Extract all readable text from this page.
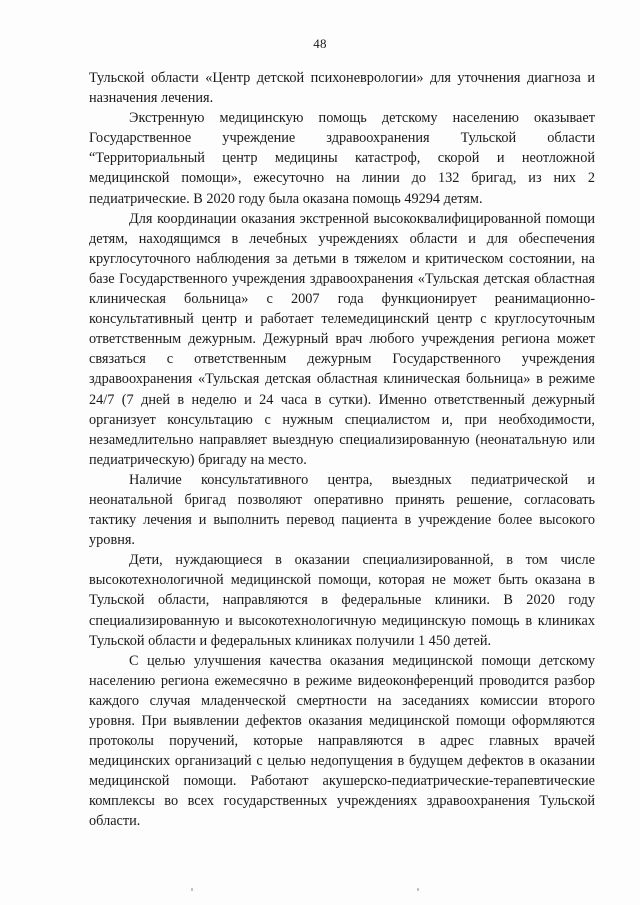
48

Тульской области «Центр детской психоневрологии» для уточнения диагноза и назначения лечения.

Экстренную медицинскую помощь детскому населению оказывает Государственное учреждение здравоохранения Тульской области “Территориальный центр медицины катастроф, скорой и неотложной медицинской помощи», ежесуточно на линии до 132 бригад, из них 2 педиатрические. В 2020 году была оказана помощь 49294 детям.

Для координации оказания экстренной высококвалифицированной помощи детям, находящимся в лечебных учреждениях области и для обеспечения круглосуточного наблюдения за детьми в тяжелом и критическом состоянии, на базе Государственного учреждения здравоохранения «Тульская детская областная клиническая больница» с 2007 года функционирует реанимационно-консультативный центр и работает телемедицинский центр с круглосуточным ответственным дежурным. Дежурный врач любого учреждения региона может связаться с ответственным дежурным Государственного учреждения здравоохранения «Тульская детская областная клиническая больница» в режиме 24/7 (7 дней в неделю и 24 часа в сутки). Именно ответственный дежурный организует консультацию с нужным специалистом и, при необходимости, незамедлительно направляет выездную специализированную (неонатальную или педиатрическую) бригаду на место.

Наличие консультативного центра, выездных педиатрической и неонатальной бригад позволяют оперативно принять решение, согласовать тактику лечения и выполнить перевод пациента в учреждение более высокого уровня.

Дети, нуждающиеся в оказании специализированной, в том числе высокотехнологичной медицинской помощи, которая не может быть оказана в Тульской области, направляются в федеральные клиники. В 2020 году специализированную и высокотехнологичную медицинскую помощь в клиниках Тульской области и федеральных клиниках получили 1 450 детей.

С целью улучшения качества оказания медицинской помощи детскому населению региона ежемесячно в режиме видеоконференций проводится разбор каждого случая младенческой смертности на заседаниях комиссии второго уровня. При выявлении дефектов оказания медицинской помощи оформляются протоколы поручений, которые направляются в адрес главных врачей медицинских организаций с целью недопущения в будущем дефектов в оказании медицинской помощи. Работают акушерско-педиатрические-терапевтические комплексы во всех государственных учреждениях здравоохранения Тульской области.
